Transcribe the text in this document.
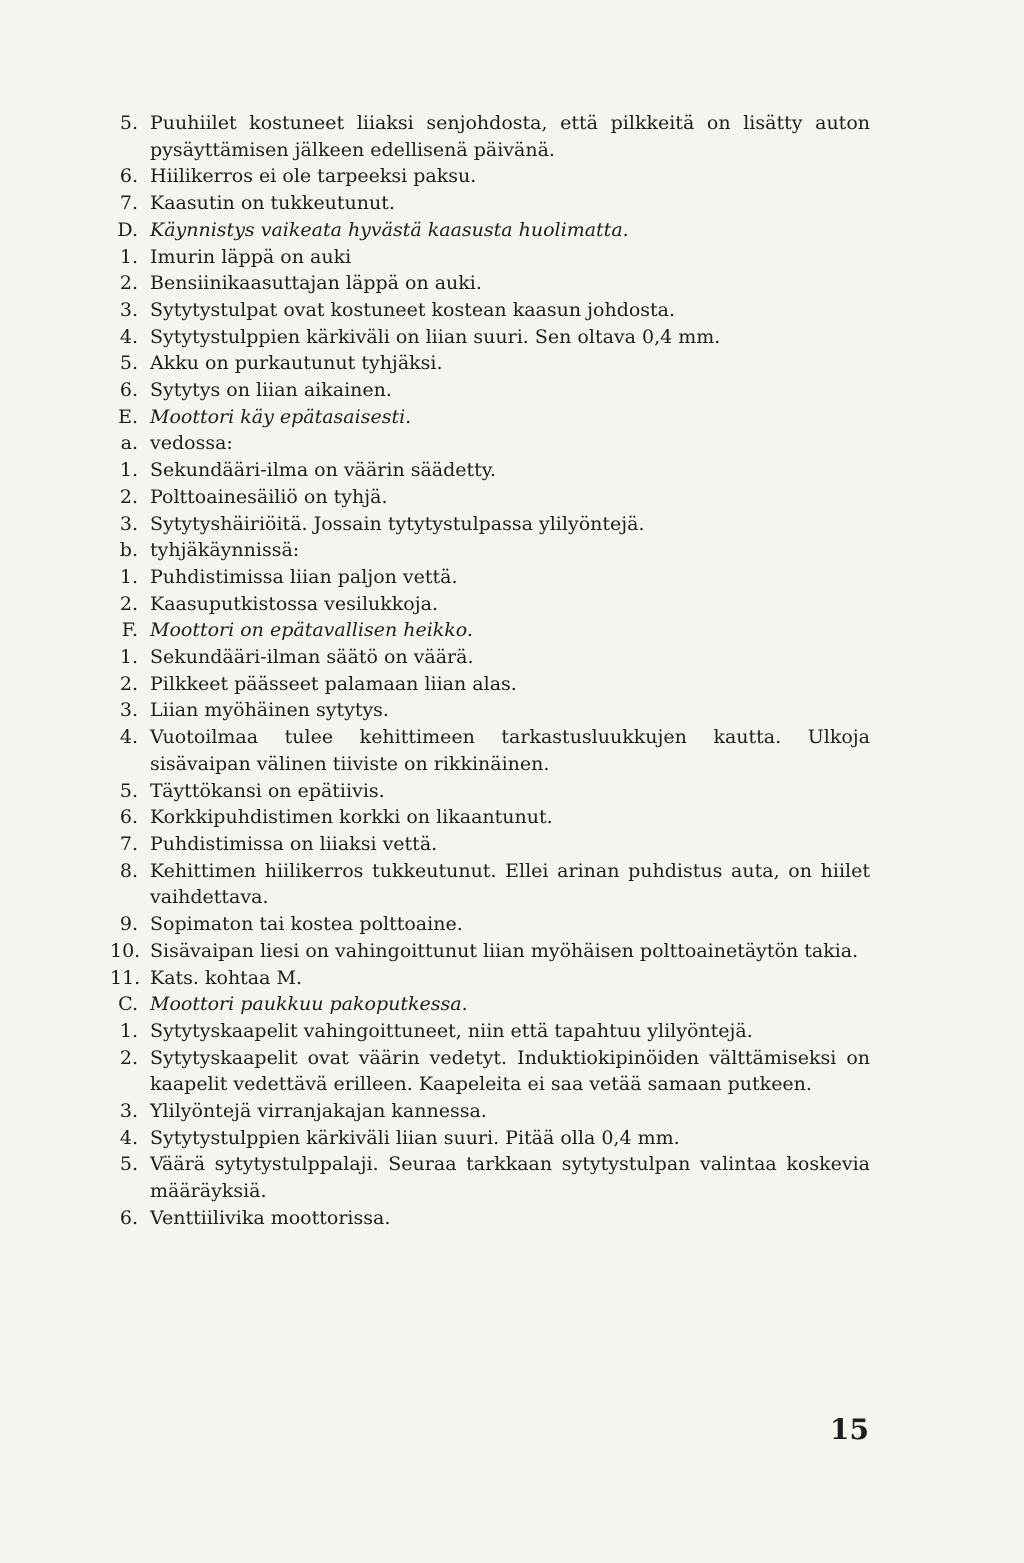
5. Puuhiilet kostuneet liiaksi senjohdosta, että pilkkeitä on lisätty auton pysäyttämisen jälkeen edellisenä päivänä.
6. Hiilikerros ei ole tarpeeksi paksu.
7. Kaasutin on tukkeutunut.
D. Käynnistys vaikeata hyvästä kaasusta huolimatta.
1. Imurin läppä on auki
2. Bensiinikaasuttajan läppä on auki.
3. Sytytystulpat ovat kostuneet kostean kaasun johdosta.
4. Sytytystulppien kärkiväli on liian suuri. Sen oltava 0,4 mm.
5. Akku on purkautunut tyhjäksi.
6. Sytytys on liian aikainen.
E. Moottori käy epätasaisesti.
a. vedossa:
1. Sekundääri-ilma on väärin säädetty.
2. Polttoainesäiliö on tyhjä.
3. Sytytyshäiriöitä. Jossain tytytystulpassa ylilyöntejä.
b. tyhjäkäynnissä:
1. Puhdistimissa liian paljon vettä.
2. Kaasuputkistossa vesilukkoja.
F. Moottori on epätavallisen heikko.
1. Sekundääri-ilman säätö on väärä.
2. Pilkkeet päässeet palamaan liian alas.
3. Liian myöhäinen sytytys.
4. Vuotoilmaa tulee kehittimeen tarkastusluukkujen kautta. Ulkoja sisävaipan välinen tiiviste on rikkinäinen.
5. Täyttökansi on epätiivis.
6. Korkkipuhdistimen korkki on likaantunut.
7. Puhdistimissa on liiaksi vettä.
8. Kehittimen hiilikerros tukkeutunut. Ellei arinan puhdistus auta, on hiilet vaihdettava.
9. Sopimaton tai kostea polttoaine.
10. Sisävaipan liesi on vahingoittunut liian myöhäisen polttoainetäytön takia.
11. Kats. kohtaa M.
C. Moottori paukkuu pakoputkessa.
1. Sytytyskaapelit vahingoittuneet, niin että tapahtuu ylilyöntejä.
2. Sytytyskaapelit ovat väärin vedetyt. Induktiokipinöiden välttämiseksi on kaapelit vedettävä erilleen. Kaapeleita ei saa vetää samaan putkeen.
3. Ylilyöntejä virranjakajan kannessa.
4. Sytytystulppien kärkiväli liian suuri. Pitää olla 0,4 mm.
5. Väärä sytytystulppalaji. Seuraa tarkkaan sytytystulpan valintaa koskevia määräyksiä.
6. Venttiilivika moottorissa.
15
